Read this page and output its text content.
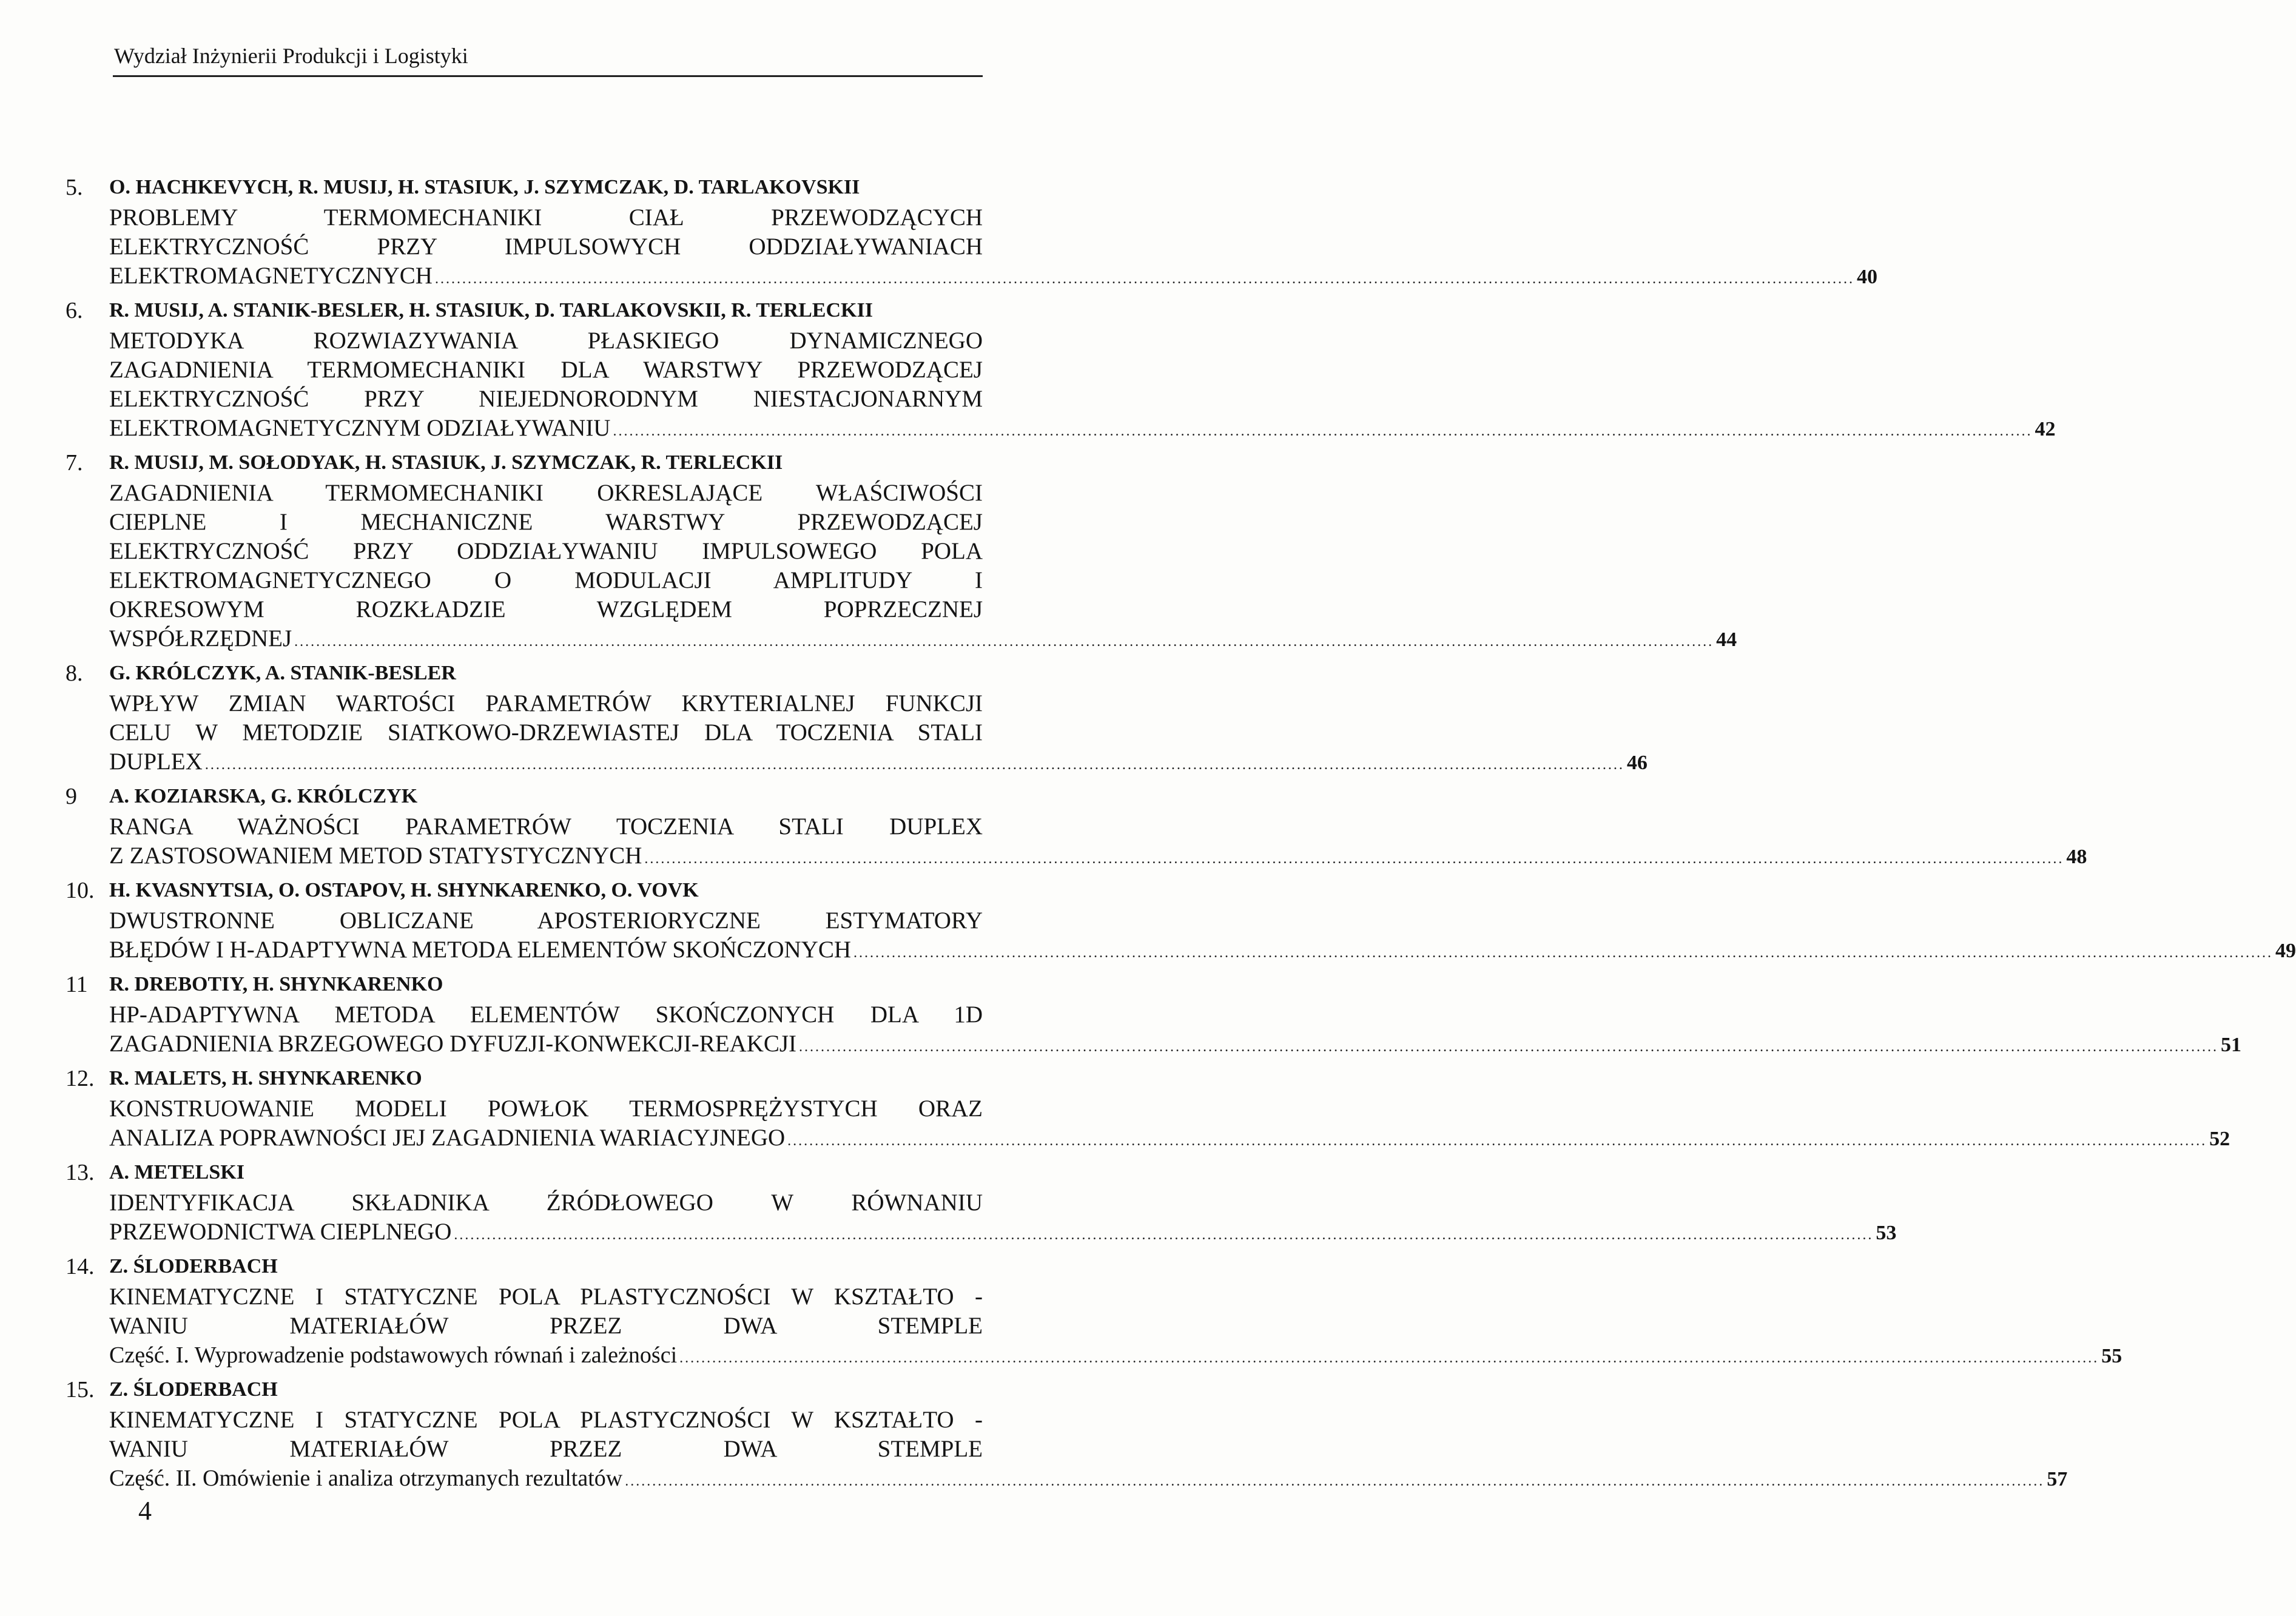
Wydział Inżynierii Produkcji i Logistyki
5. O. HACHKEVYCH, R. MUSIJ, H. STASIUK, J. SZYMCZAK, D. TARLAKOVSKII
PROBLEMY TERMOMECHANIKI CIAŁ PRZEWODZĄCYCH
ELEKTRYCZNOŚĆ PRZY IMPULSOWYCH ODDZIAŁYWANIACH
ELEKTROMAGNETYCZNYCH .................................................................................................................................................................................................................................................................... 40
6. R. MUSIJ, A. STANIK-BESLER, H. STASIUK, D. TARLAKOVSKII, R. TERLECKII
METODYKA ROZWIAZYWANIA PŁASKIEGO DYNAMICZNEGO
ZAGADNIENIA TERMOMECHANIKI DLA WARSTWY PRZEWODZĄCEJ
ELEKTRYCZNOŚĆ PRZY NIEJEDNORODNYM NIESTACJONARNYM
ELEKTROMAGNETYCZNYM ODZIAŁYWANIU .................................................................................................................................................................................................................................................................... 42
7. R. MUSIJ, M. SOŁODYAK, H. STASIUK, J. SZYMCZAK, R. TERLECKII
ZAGADNIENIA TERMOMECHANIKI OKRESLAJĄCE WŁAŚCIWOŚCI
CIEPLNE I MECHANICZNE WARSTWY PRZEWODZĄCEJ
ELEKTRYCZNOŚĆ PRZY ODDZIAŁYWANIU IMPULSOWEGO POLA
ELEKTROMAGNETYCZNEGO O MODULACJI AMPLITUDY I
OKRESOWYM ROZKŁADZIE WZGLĘDEM POPRZECZNEJ
WSPÓŁRZĘDNEJ .................................................................................................................................................................................................................................................................... 44
8. G. KRÓLCZYK, A. STANIK-BESLER
WPŁYW ZMIAN WARTOŚCI PARAMETRÓW KRYTERIALNEJ FUNKCJI
CELU W METODZIE SIATKOWO-DRZEWIASTEJ DLA TOCZENIA STALI
DUPLEX .................................................................................................................................................................................................................................................................... 46
9 A. KOZIARSKA, G. KRÓLCZYK
RANGA WAŻNOŚCI PARAMETRÓW TOCZENIA STALI DUPLEX
Z ZASTOSOWANIEM METOD STATYSTYCZNYCH .................................................................................................................................................................................................................................................................... 48
10. H. KVASNYTSIA, O. OSTAPOV, H. SHYNKARENKO, O. VOVK
DWUSTRONNE OBLICZANE APOSTERIORYCZNE ESTYMATORY
BŁĘDÓW I H-ADAPTYWNA METODA ELEMENTÓW SKOŃCZONYCH .................................................................................................................................................................................................................................................................... 49
11 R. DREBOTIY, H. SHYNKARENKO
HP-ADAPTYWNA METODA ELEMENTÓW SKOŃCZONYCH DLA 1D
ZAGADNIENIA BRZEGOWEGO DYFUZJI-KONWEKCJI-REAKCJI .................................................................................................................................................................................................................................................................... 51
12. R. MALETS, H. SHYNKARENKO
KONSTRUOWANIE MODELI POWŁOK TERMOSPRĘŻYSTYCH ORAZ
ANALIZA POPRAWNOŚCI JEJ ZAGADNIENIA WARIACYJNEGO .................................................................................................................................................................................................................................................................... 52
13. A. METELSKI
IDENTYFIKACJA SKŁADNIKA ŹRÓDŁOWEGO W RÓWNANIU
PRZEWODNICTWA CIEPLNEGO .................................................................................................................................................................................................................................................................... 53
14. Z. ŚLODERBACH
KINEMATYCZNE I STATYCZNE POLA PLASTYCZNOŚCI W KSZTAŁTO -
WANIU MATERIAŁÓW PRZEZ DWA STEMPLE
Część. I. Wyprowadzenie podstawowych równań i zależności .................................................................................................................................................................................................................................................................... 55
15. Z. ŚLODERBACH
KINEMATYCZNE I STATYCZNE POLA PLASTYCZNOŚCI W KSZTAŁTO -
WANIU MATERIAŁÓW PRZEZ DWA STEMPLE
Część. II. Omówienie i analiza otrzymanych rezultatów .................................................................................................................................................................................................................................................................... 57
4
